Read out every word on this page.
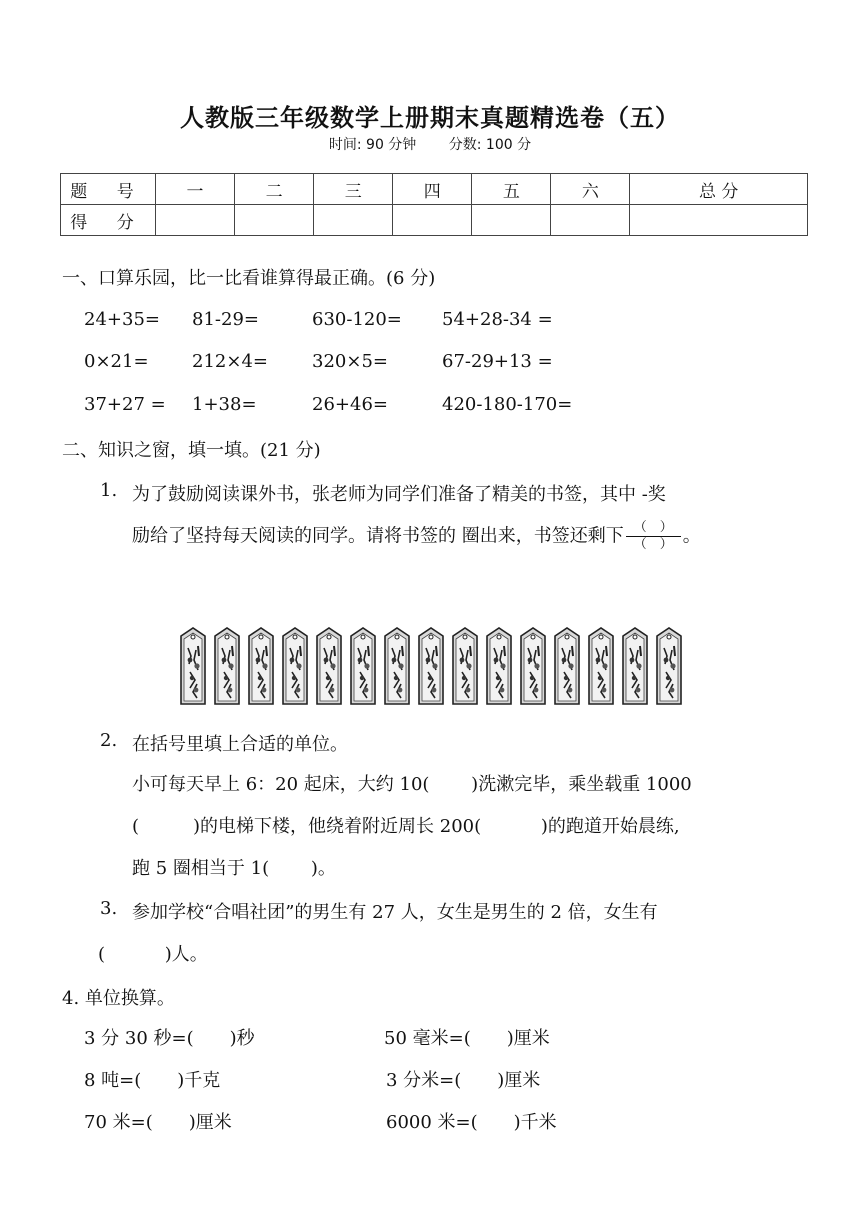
人教版三年级数学上册期末真题精选卷（五）
时间: 90 分钟 分数: 100 分
题 号	一	二	三	四	五	六	总 分
得 分							
一、口算乐园，比一比看谁算得最正确。(6 分)
24+35= 81-29=	630-120= 54+28-34 =
0×21= 212×4= 320×5=	67-29+13 =
37+27 = 1+38=	26+46=	420-180-170=
二、知识之窗，填一填。(21 分)
1. 为了鼓励阅读课外书，张老师为同学们准备了精美的书签，其中 -奖
励给了坚持每天阅读的同学。请将书签的 圈出来，书签还剩下 $\frac{( )}{( )}$ 。
2. 在括号里填上合适的单位。
小可每天早上 6：20 起床，大约 10(　　 )洗漱完毕，乘坐载重 1000
(　　　)的电梯下楼，他绕着附近周长 200(　　　 )的跑道开始晨练,
跑 5 圈相当于 1(　　 )。
3. 参加学校“合唱社团”的男生有 27 人，女生是男生的 2 倍，女生有
(　　　 )人。
4. 单位换算。
3 分 30 秒=(　　)秒	50 毫米=(　　)厘米
8 吨=(　　)千克	3 分米=(　　)厘米
70 米=(　　)厘米	6000 米=(　　)千米
